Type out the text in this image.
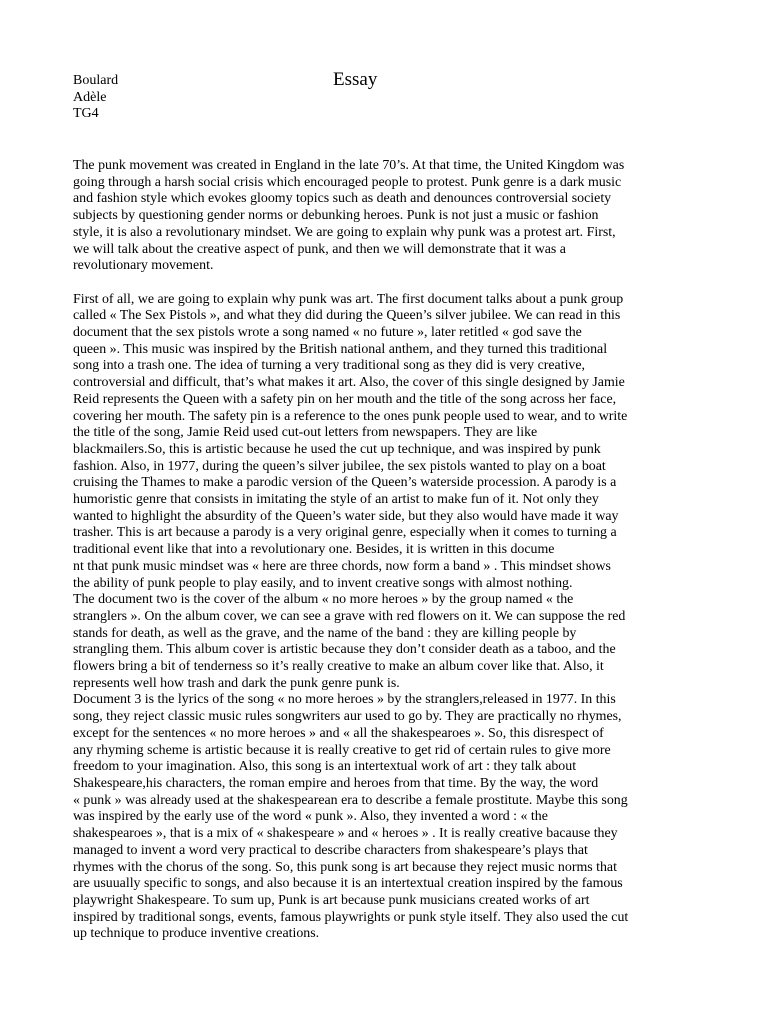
Boulard
Adèle
TG4
Essay
The punk movement was created in England in the late 70’s. At that time, the United Kingdom was
going through a harsh social crisis which encouraged people to protest. Punk genre is a dark music
and fashion style which evokes gloomy topics such as death and denounces controversial society
subjects by questioning gender norms or debunking heroes. Punk is not just a music or fashion
style, it is also a revolutionary mindset. We are going to explain why punk was a protest art. First,
we will talk about the creative aspect of punk, and then we will demonstrate that it was a
revolutionary movement.
First of all, we are going to explain why punk was art. The first document talks about a punk group
called « The Sex Pistols », and what they did during the Queen’s silver jubilee. We can read in this
document that the sex pistols wrote a song named « no future », later retitled « god save the
queen ». This music was inspired by the British national anthem, and they turned this traditional
song into a trash one. The idea of turning a very traditional song as they did is very creative,
controversial and difficult, that’s what makes it art. Also, the cover of this single designed by Jamie
Reid represents the Queen with a safety pin on her mouth and the title of the song across her face,
covering her mouth. The safety pin is a reference to the ones punk people used to wear, and to write
the title of the song, Jamie Reid used cut-out letters from newspapers. They are like
blackmailers.So, this is artistic because he used the cut up technique, and was inspired by punk
fashion. Also, in 1977, during the queen’s silver jubilee, the sex pistols wanted to play on a boat
cruising the Thames to make a parodic version of the Queen’s waterside procession. A parody is a
humoristic genre that consists in imitating the style of an artist to make fun of it. Not only they
wanted to highlight the absurdity of the Queen’s water side, but they also would have made it way
trasher. This is art because a parody is a very original genre, especially when it comes to turning a
traditional event like that into a revolutionary one. Besides, it is written in this docume
nt that punk music mindset was « here are three chords, now form a band » . This mindset shows
the ability of punk people to play easily, and to invent creative songs with almost nothing.
The document two is the cover of the album « no more heroes » by the group named « the
stranglers ». On the album cover, we can see a grave with red flowers on it. We can suppose the red
stands for death, as well as the grave, and the name of the band : they are killing people by
strangling them. This album cover is artistic because they don’t consider death as a taboo, and the
flowers bring a bit of tenderness so it’s really creative to make an album cover like that. Also, it
represents well how trash and dark the punk genre punk is.
Document 3 is the lyrics of the song « no more heroes » by the stranglers,released in 1977. In this
song, they reject classic music rules songwriters aur used to go by. They are practically no rhymes,
except for the sentences « no more heroes » and « all the shakespearoes ». So, this disrespect of
any rhyming scheme is artistic because it is really creative to get rid of certain rules to give more
freedom to your imagination. Also, this song is an intertextual work of art : they talk about
Shakespeare,his characters, the roman empire and heroes from that time. By the way, the word
« punk » was already used at the shakespearean era to describe a female prostitute. Maybe this song
was inspired by the early use of the word « punk ». Also, they invented a word : « the
shakespearoes », that is a mix of « shakespeare » and « heroes » . It is really creative bacause they
managed to invent a word very practical to describe characters from shakespeare’s plays that
rhymes with the chorus of the song. So, this punk song is art because they reject music norms that
are usuually specific to songs, and also because it is an intertextual creation inspired by the famous
playwright Shakespeare. To sum up, Punk is art because punk musicians created works of art
inspired by traditional songs, events, famous playwrights or punk style itself. They also used the cut
up technique to produce inventive creations.
